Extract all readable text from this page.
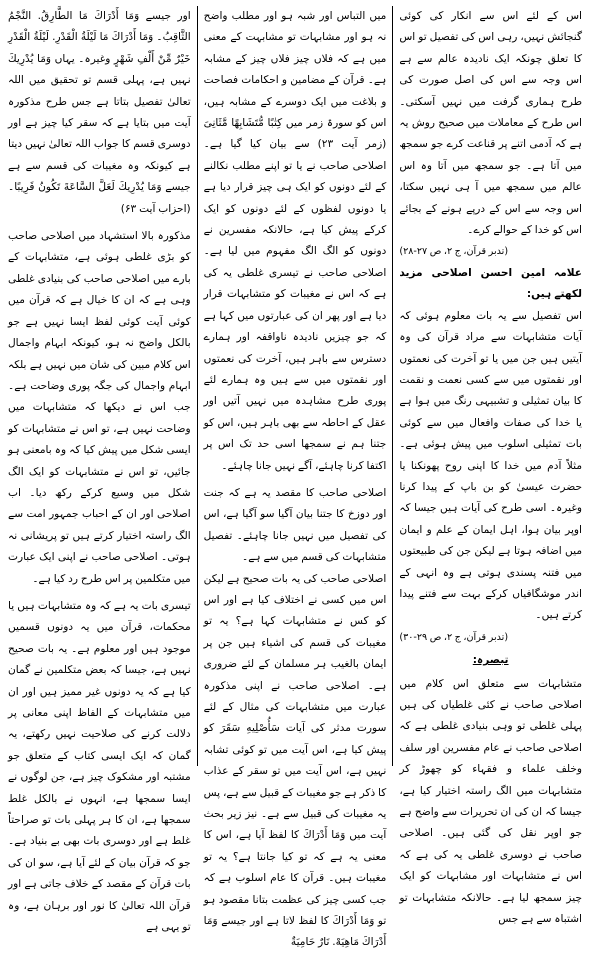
اس کے لئے اس سے انکار کی کوئی گنجائش نہیں، رہی اس کی تفصیل تو اس کا تعلق چونکہ ایک نادیدہ عالم سے ہے اس وجہ سے اس کی اصل صورت کی طرح ہماری گرفت میں نہیں آسکتی۔ اس طرح کے معاملات میں صحیح روش یہ ہے کہ آدمی اتنے پر قناعت کرے جو سمجھ میں آتا ہے۔ جو سمجھ میں آتا وہ اس عالم میں سمجھ میں آ ہی نہیں سکتا، اس وجہ سے اس کے درپے ہونے کے بجائے اس کو خدا کے حوالے کرے۔

(تدبر قرآن، ج ۲، ص ۲۷-۲۸)

علامہ امین احسن اصلاحی مزید لکھتے ہیں:

اس تفصیل سے یہ بات معلوم ہوئی کہ آیات متشابہات سے مراد قرآن کی وہ آیتیں ہیں جن میں یا تو آخرت کی نعمتوں اور نقمتوں میں سے کسی نعمت و نقمت کا بیان تمثیلی و تشبیہی رنگ میں ہوا ہے یا خدا کی صفات وافعال میں سے کوئی بات تمثیلی اسلوب میں پیش ہوئی ہے۔ مثلاً آدم میں خدا کا اپنی روح پھونکنا یا حضرت عیسیٰ کو بن باپ کے پیدا کرنا وغیرہ۔ اسی طرح کی آیات ہیں جیسا کہ اوپر بیان ہوا، اہل ایمان کے علم و ایمان میں اضافہ ہوتا ہے لیکن جن کی طبیعتوں میں فتنہ پسندی ہوتی ہے وہ انہی کے اندر موشگافیاں کرکے بہت سے فتنے پیدا کرتے ہیں۔

(تدبر قرآن، ج ۲، ص ۲۹-۳۰)

تبصرہ:

متشابہات سے متعلق اس کلام میں اصلاحی صاحب نے کئی غلطیاں کی ہیں پہلی غلطی تو وہی بنیادی غلطی ہے کہ اصلاحی صاحب نے عام مفسرین اور سلف وخلف علماء و فقہاء کو چھوڑ کر متشابہات میں الگ راستہ اختیار کیا ہے، جیسا کہ ان کی ان تحریرات سے واضح ہے جو اوپر نقل کی گئی ہیں۔ اصلاحی صاحب نے دوسری غلطی یہ کی ہے کہ اس نے متشابہات اور مشابہات کو ایک چیز سمجھ لیا ہے۔ حالانکہ متشابہات تو اشتباہ سے ہے جس

میں التباس اور شبہ ہو اور مطلب واضح نہ ہو اور مشابہات تو مشابہت کے معنی میں ہے کہ فلاں چیز فلاں چیز کے مشابہ ہے۔ قرآن کے مضامین و احکامات فصاحت و بلاغت میں ایک دوسرے کے مشابہ ہیں، اس کو سورۃ زمر میں کِتٰبًا مُّتَشَابِهًا مَّثَانِیَ (زمر آیت ۲۳) سے بیان کیا گیا ہے۔ اصلاحی صاحب نے یا تو اپنے مطلب نکالنے کے لئے دونوں کو ایک ہی چیز قرار دیا ہے یا دونوں لفظوں کے لئے دونوں کو ایک کرکے پیش کیا ہے، حالانکہ مفسرین نے دونوں کو الگ الگ مفہوم میں لیا ہے۔ اصلاحی صاحب نے تیسری غلطی یہ کی ہے کہ اس نے مغیبات کو متشابہات قرار دیا ہے اور پھر ان کی عبارتوں میں کہا ہے کہ جو چیزیں نادیدہ ناواقفہ اور ہمارے دسترس سے باہر ہیں، آخرت کی نعمتوں اور نقمتوں میں سے ہیں وہ ہمارے لئے پوری طرح مشاہدہ میں نہیں آتیں اور عقل کے احاطہ سے بھی باہر ہیں، اس کو جتنا ہم نے سمجھا اسی حد تک اس پر اکتفا کرنا چاہئے، آگے نہیں جانا چاہئے۔

اصلاحی صاحب کا مقصد یہ ہے کہ جنت اور دوزخ کا جتنا بیان آگیا سو آگیا ہے، اس کی تفصیل میں نہیں جانا چاہئے۔ تفصیل متشابہات کی قسم میں سے ہے۔

اصلاحی صاحب کی یہ بات صحیح ہے لیکن اس میں کسی نے اختلاف کیا ہے اور اس کو کس نے متشابہات کہا ہے؟ یہ تو مغیبات کی قسم کی اشیاء ہیں جن پر ایمان بالغیب ہر مسلمان کے لئے ضروری ہے۔ اصلاحی صاحب نے اپنی مذکورہ عبارت میں متشابہات کی مثال کے لئے سورت مدثر کی آیات سَأُصْلِيهِ سَقَرَ کو پیش کیا ہے، اس آیت میں تو کوئی تشابہ نہیں ہے، اس آیت میں تو سقر کے عذاب کا ذکر ہے جو مغیبات کے قبیل سے ہے، پس یہ مغیبات کی قبیل سے ہے۔ نیز زیر بحث آیت میں وَمَا أَدْرَاكَ کا لفظ آیا ہے، اس کا معنی یہ ہے کہ تو کیا جانتا ہے؟ یہ تو مغیبات ہیں۔ قرآن کا عام اسلوب ہے کہ جب کسی چیز کی عظمت بتانا مقصود ہو تو وَمَا أَدْرَاكَ کا لفظ لاتا ہے اور جیسے وَمَا أَدْرَاكَ مَاهِيَهْ. نَارٌ حَامِيَةٌ

اور جیسے وَمَا أَدْرَاكَ مَا الطَّارِقُ. النَّجْمُ الثَّاقِبُ۔ وَمَا أَدْرَاكَ مَا لَيْلَةُ الْقَدْرِ. لَيْلَةُ الْقَدْرِ خَيْرٌ مِّنْ أَلْفِ شَهْرٍ وغیرہ۔ یہاں وَمَا يُدْرِيكَ نہیں ہے، پہلی قسم تو تحقیق میں اللہ تعالیٰ تفصیل بتاتا ہے جس طرح مذکورہ آیت میں بتایا ہے کہ سقر کیا چیز ہے اور دوسری قسم کا جواب اللہ تعالیٰ نہیں دیتا ہے کیونکہ وہ مغیبات کی قسم سے ہے جیسے وَمَا يُدْرِيكَ لَعَلَّ السَّاعَةَ تَكُونُ قَرِيبًا۔ (احزاب آیت ۶۳)

مذکورہ بالا استشہاد میں اصلاحی صاحب کو بڑی غلطی ہوئی ہے، متشابہات کے بارے میں اصلاحی صاحب کی بنیادی غلطی وہی ہے کہ ان کا خیال ہے کہ قرآن میں کوئی آیت کوئی لفظ ایسا نہیں ہے جو بالکل واضح نہ ہو، کیونکہ ابہام واجمال اس کلام مبین کی شان میں نہیں ہے بلکہ ابہام واجمال کی جگہ پوری وضاحت ہے۔ جب اس نے دیکھا کہ متشابہات میں وضاحت نہیں ہے، تو اس نے متشابہات کو ایسی شکل میں پیش کیا کہ وہ بامعنی ہو جائیں، تو اس نے متشابہات کو ایک الگ شکل میں وسیع کرکے رکھ دیا۔ اب اصلاحی اور ان کے احباب جمہور امت سے الگ راستہ اختیار کرتے ہیں تو پریشانی نہ ہوتی۔ اصلاحی صاحب نے اپنی ایک عبارت میں متکلمین پر اس طرح رد کیا ہے۔

تیسری بات یہ ہے کہ وہ متشابہات ہیں یا محکمات، قرآن میں یہ دونوں قسمیں موجود ہیں اور معلوم ہے۔ یہ بات صحیح نہیں ہے، جیسا کہ بعض متکلمین نے گمان کیا ہے کہ یہ دونوں غیر ممیز ہیں اور ان میں متشابہات کے الفاظ اپنی معانی پر دلالت کرنے کی صلاحیت نہیں رکھتے، یہ گمان کہ ایک ایسی کتاب کے متعلق جو مشتبہ اور مشکوک چیز ہے، جن لوگوں نے ایسا سمجھا ہے، انہوں نے بالکل غلط سمجھا ہے، ان کا ہر پہلی بات تو صراحتاً غلط ہے اور دوسری بات بھی بے بنیاد ہے۔ جو کہ قرآن بیان کے لئے آیا ہے، سو ان کی بات قرآن کے مقصد کے خلاف جاتی ہے اور قرآن اللہ تعالیٰ کا نور اور برہان ہے، وہ تو یہی ہے
